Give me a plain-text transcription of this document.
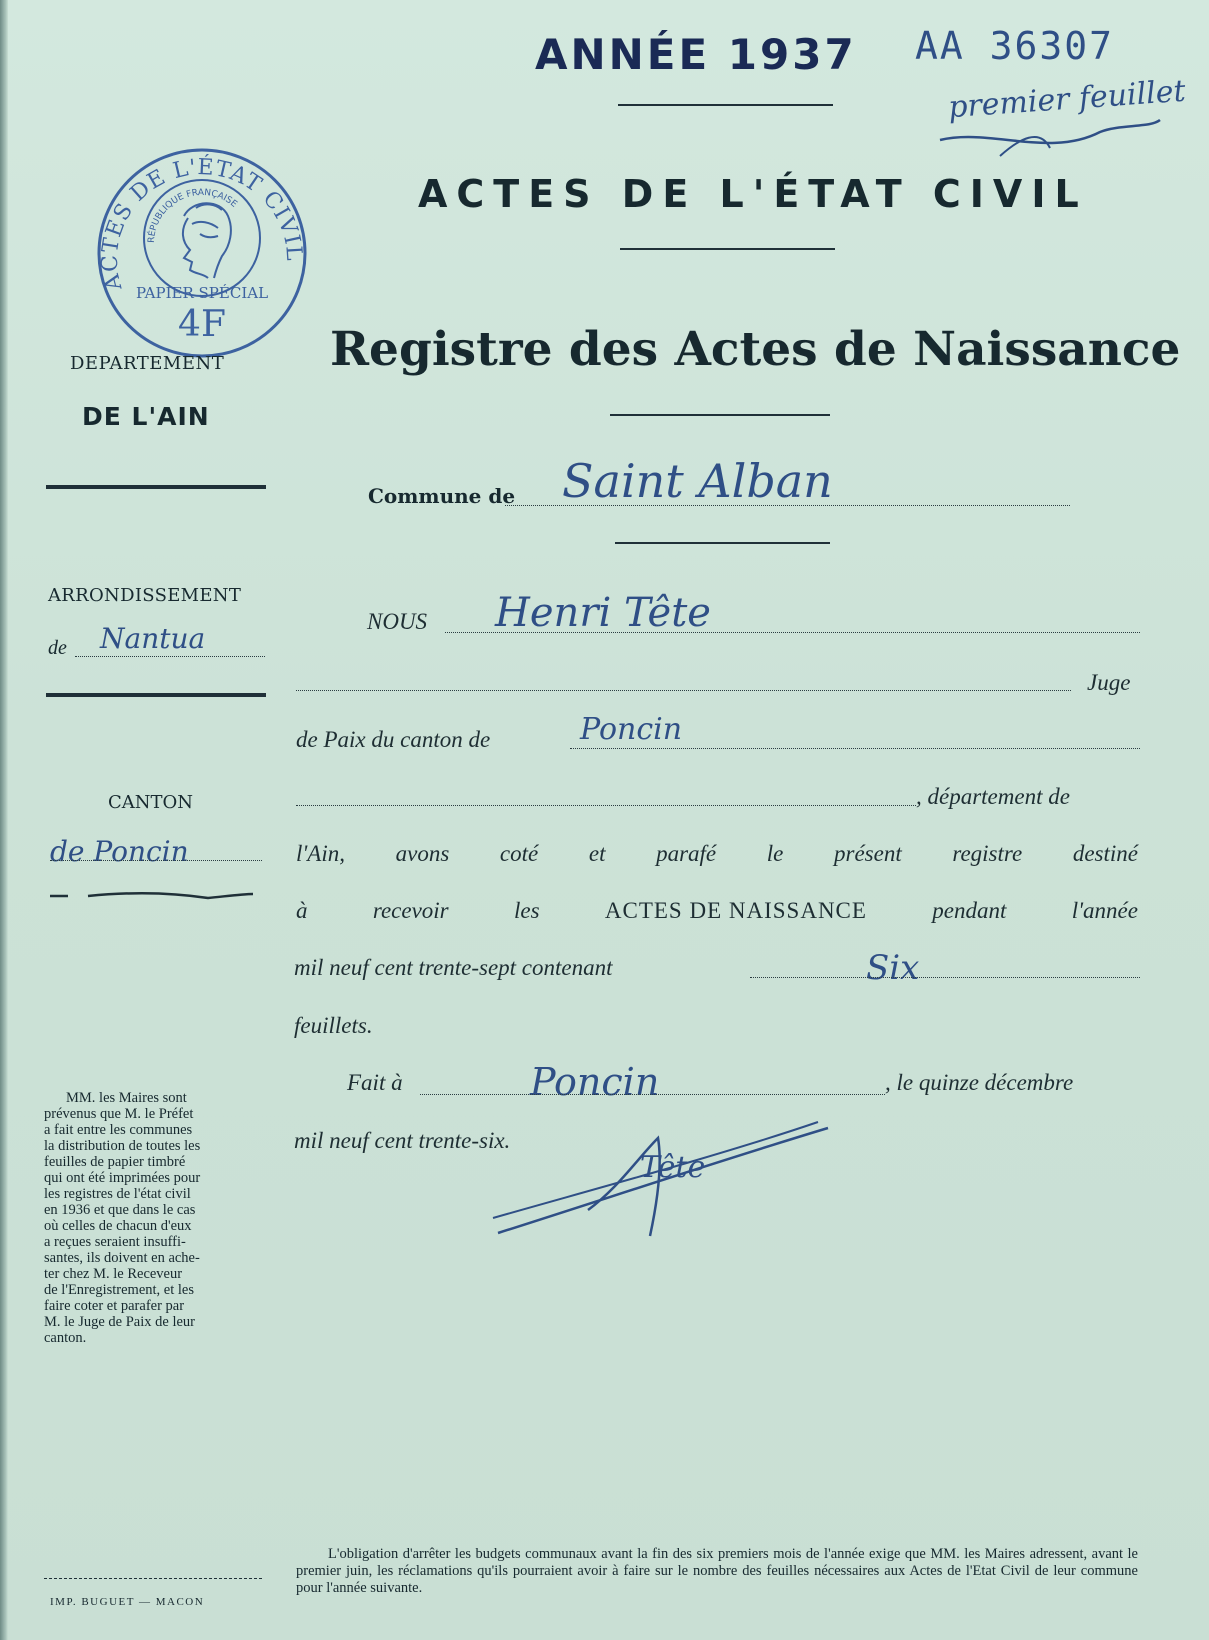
ANNÉE 1937 AA 36307
premier feuillet
ACTES DE L'ÉTAT CIVIL
Registre des Actes de Naissance
ACTES DE L'ÉTAT CIVIL
RÉPUBLIQUE FRANÇAISE
PAPIER SPÉCIAL
4F
DEPARTEMENT
DE L'AIN
ARRONDISSEMENT
de Nantua
CANTON
de Poncin
MM. les Maires sont
prévenus que M. le Préfet
a fait entre les communes
la distribution de toutes les
feuilles de papier timbré
qui ont été imprimées pour
les registres de l'état civil
en 1936 et que dans le cas
où celles de chacun d'eux
a reçues seraient insuffi-
santes, ils doivent en ache-
ter chez M. le Receveur
de l'Enregistrement, et les
faire coter et parafer par
M. le Juge de Paix de leur
canton.
IMP. BUGUET — MACON
Commune de Saint Alban
NOUS Henri Tête
Juge
de Paix du canton de	Poncin
, département de
l'Ain, avons coté et parafé le présent registre destiné
à	recevoir	les	ACTES DE NAISSANCE	pendant	l'année
mil neuf cent trente-sept contenant	Six
feuillets.
Fait à	Poncin	, le quinze décembre
mil neuf cent trente-six.
Tête
L'obligation d'arrêter les budgets communaux avant la fin des six premiers mois de l'année exige que MM. les Maires adressent, avant le premier juin, les réclamations qu'ils pourraient avoir à faire sur le nombre des feuilles nécessaires aux Actes de l'Etat Civil de leur commune pour l'année suivante.
